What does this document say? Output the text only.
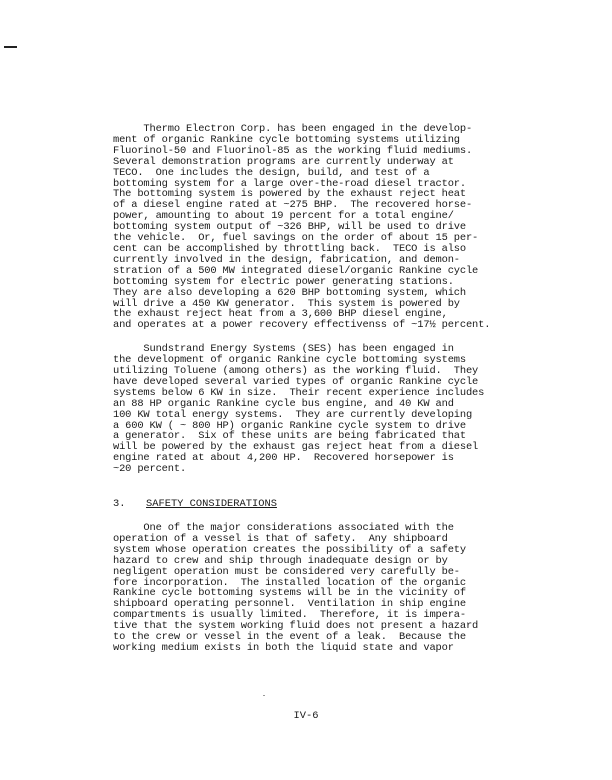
Thermo Electron Corp. has been engaged in the develop-
ment of organic Rankine cycle bottoming systems utilizing
Fluorinol-50 and Fluorinol-85 as the working fluid mediums.
Several demonstration programs are currently underway at
TECO.  One includes the design, build, and test of a
bottoming system for a large over-the-road diesel tractor.
The bottoming system is powered by the exhaust reject heat
of a diesel engine rated at ~275 BHP.  The recovered horse-
power, amounting to about 19 percent for a total engine/
bottoming system output of ~326 BHP, will be used to drive
the vehicle.  Or, fuel savings on the order of about 15 per-
cent can be accomplished by throttling back.  TECO is also
currently involved in the design, fabrication, and demon-
stration of a 500 MW integrated diesel/organic Rankine cycle
bottoming system for electric power generating stations.
They are also developing a 620 BHP bottoming system, which
will drive a 450 KW generator.  This system is powered by
the exhaust reject heat from a 3,600 BHP diesel engine,
and operates at a power recovery effectivenss of ~17½ percent.

Sundstrand Energy Systems (SES) has been engaged in
the development of organic Rankine cycle bottoming systems
utilizing Toluene (among others) as the working fluid.  They
have developed several varied types of organic Rankine cycle
systems below 6 KW in size.  Their recent experience includes
an 88 HP organic Rankine cycle bus engine, and 40 KW and
100 KW total energy systems.  They are currently developing
a 600 KW ( ~ 800 HP) organic Rankine cycle system to drive
a generator.  Six of these units are being fabricated that
will be powered by the exhaust gas reject heat from a diesel
engine rated at about 4,200 HP.  Recovered horsepower is
~20 percent.

3. SAFETY CONSIDERATIONS

One of the major considerations associated with the
operation of a vessel is that of safety.  Any shipboard
system whose operation creates the possibility of a safety
hazard to crew and ship through inadequate design or by
negligent operation must be considered very carefully be-
fore incorporation.  The installed location of the organic
Rankine cycle bottoming systems will be in the vicinity of
shipboard operating personnel.  Ventilation in ship engine
compartments is usually limited.  Therefore, it is impera-
tive that the system working fluid does not present a hazard
to the crew or vessel in the event of a leak.  Because the
working medium exists in both the liquid state and vapor

IV-6
